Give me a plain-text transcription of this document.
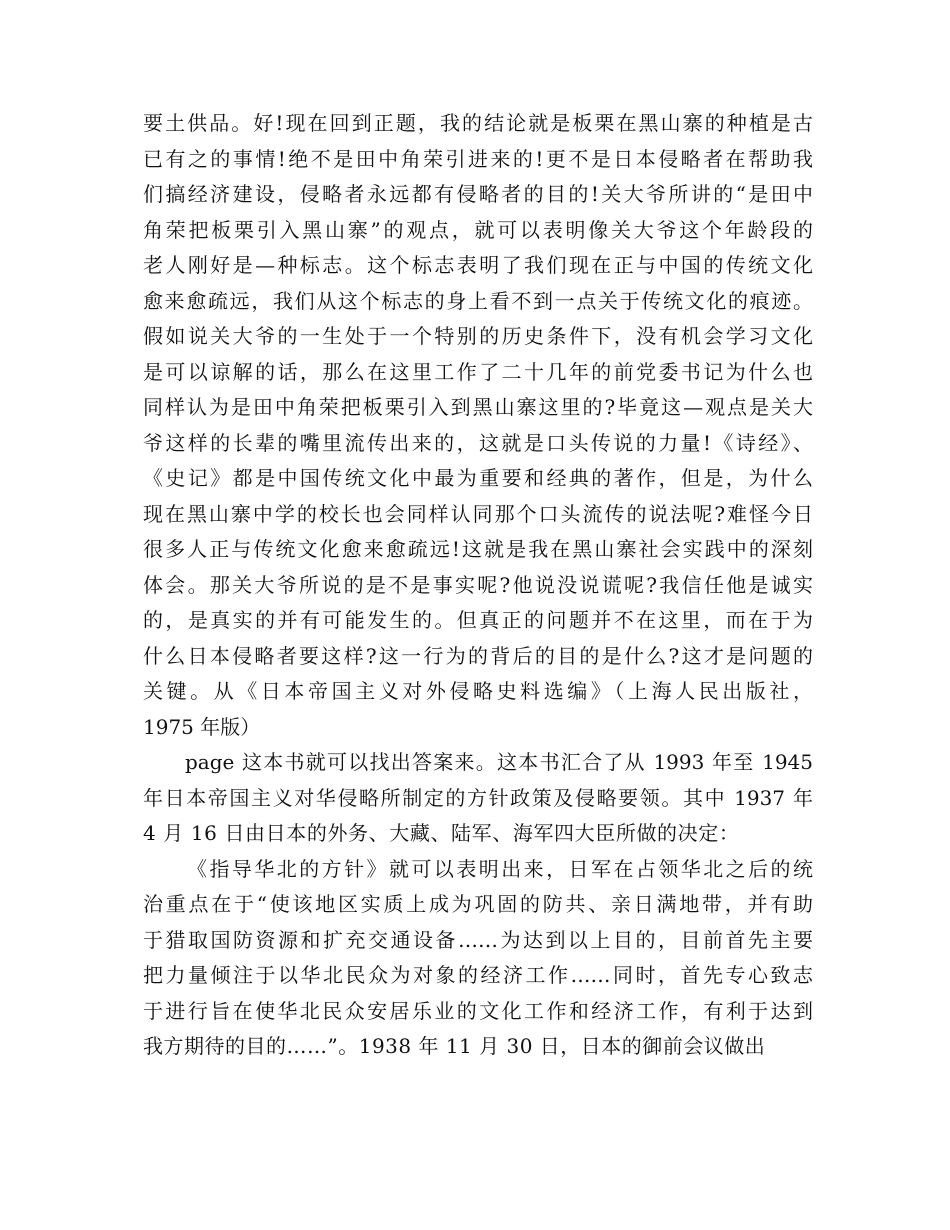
要土供品。好!现在回到正题，我的结论就是板栗在黑山寨的种植是古
已有之的事情!绝不是田中角荣引进来的!更不是日本侵略者在帮助我
们搞经济建设，侵略者永远都有侵略者的目的!关大爷所讲的“是田中
角荣把板栗引入黑山寨”的观点，就可以表明像关大爷这个年龄段的
老人刚好是—种标志。这个标志表明了我们现在正与中国的传统文化
愈来愈疏远，我们从这个标志的身上看不到一点关于传统文化的痕迹。
假如说关大爷的一生处于一个特别的历史条件下，没有机会学习文化
是可以谅解的话，那么在这里工作了二十几年的前党委书记为什么也
同样认为是田中角荣把板栗引入到黑山寨这里的?毕竟这—观点是关大
爷这样的长辈的嘴里流传出来的，这就是口头传说的力量!《诗经》、
《史记》都是中国传统文化中最为重要和经典的著作，但是，为什么
现在黑山寨中学的校长也会同样认同那个口头流传的说法呢?难怪今日
很多人正与传统文化愈来愈疏远!这就是我在黑山寨社会实践中的深刻
体会。那关大爷所说的是不是事实呢?他说没说谎呢?我信任他是诚实
的，是真实的并有可能发生的。但真正的问题并不在这里，而在于为
什么日本侵略者要这样?这一行为的背后的目的是什么?这才是问题的
关键。从《日本帝国主义对外侵略史料选编》（上海人民出版社，
1975 年版）
page 这本书就可以找出答案来。这本书汇合了从 1993 年至 1945
年日本帝国主义对华侵略所制定的方针政策及侵略要领。其中 1937 年
4 月 16 日由日本的外务、大藏、陆军、海军四大臣所做的决定：
《指导华北的方针》就可以表明出来，日军在占领华北之后的统
治重点在于“使该地区实质上成为巩固的防共、亲日满地带，并有助
于猎取国防资源和扩充交通设备……为达到以上目的，目前首先主要
把力量倾注于以华北民众为对象的经济工作……同时，首先专心致志
于进行旨在使华北民众安居乐业的文化工作和经济工作，有利于达到
我方期待的目的……”。1938 年 11 月 30 日，日本的御前会议做出
